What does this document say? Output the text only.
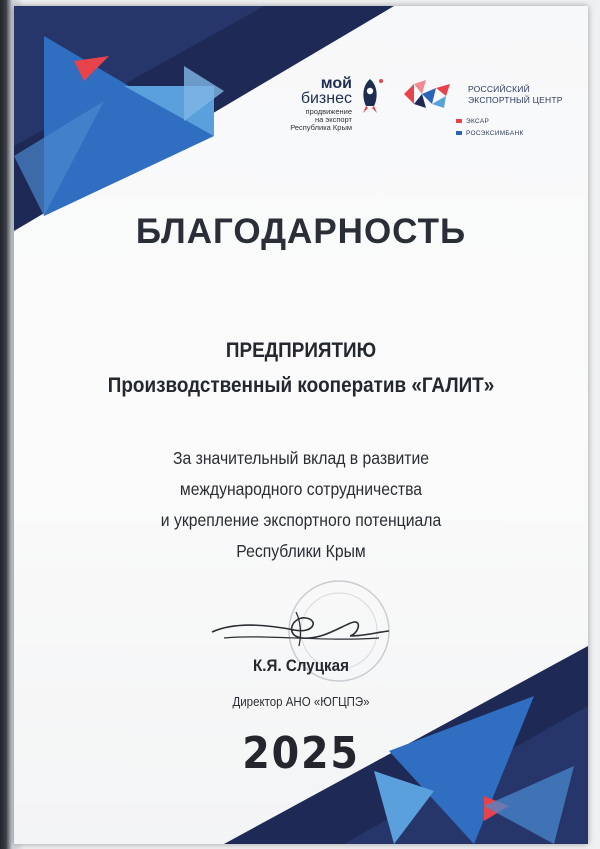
мой
бизнес
продвижение
на экспорт
Республика Крым
РОССИЙСКИЙ
ЭКСПОРТНЫЙ ЦЕНТР
ЭКСАР
РОСЭКСИМБАНК
БЛАГОДАРНОСТЬ
ПРЕДПРИЯТИЮ
Производственный кооператив «ГАЛИТ»
За значительный вклад в развитие
международного сотрудничества
и укрепление экспортного потенциала
Республики Крым
К.Я. Слуцкая
Директор АНО «ЮГЦПЭ»
2025
